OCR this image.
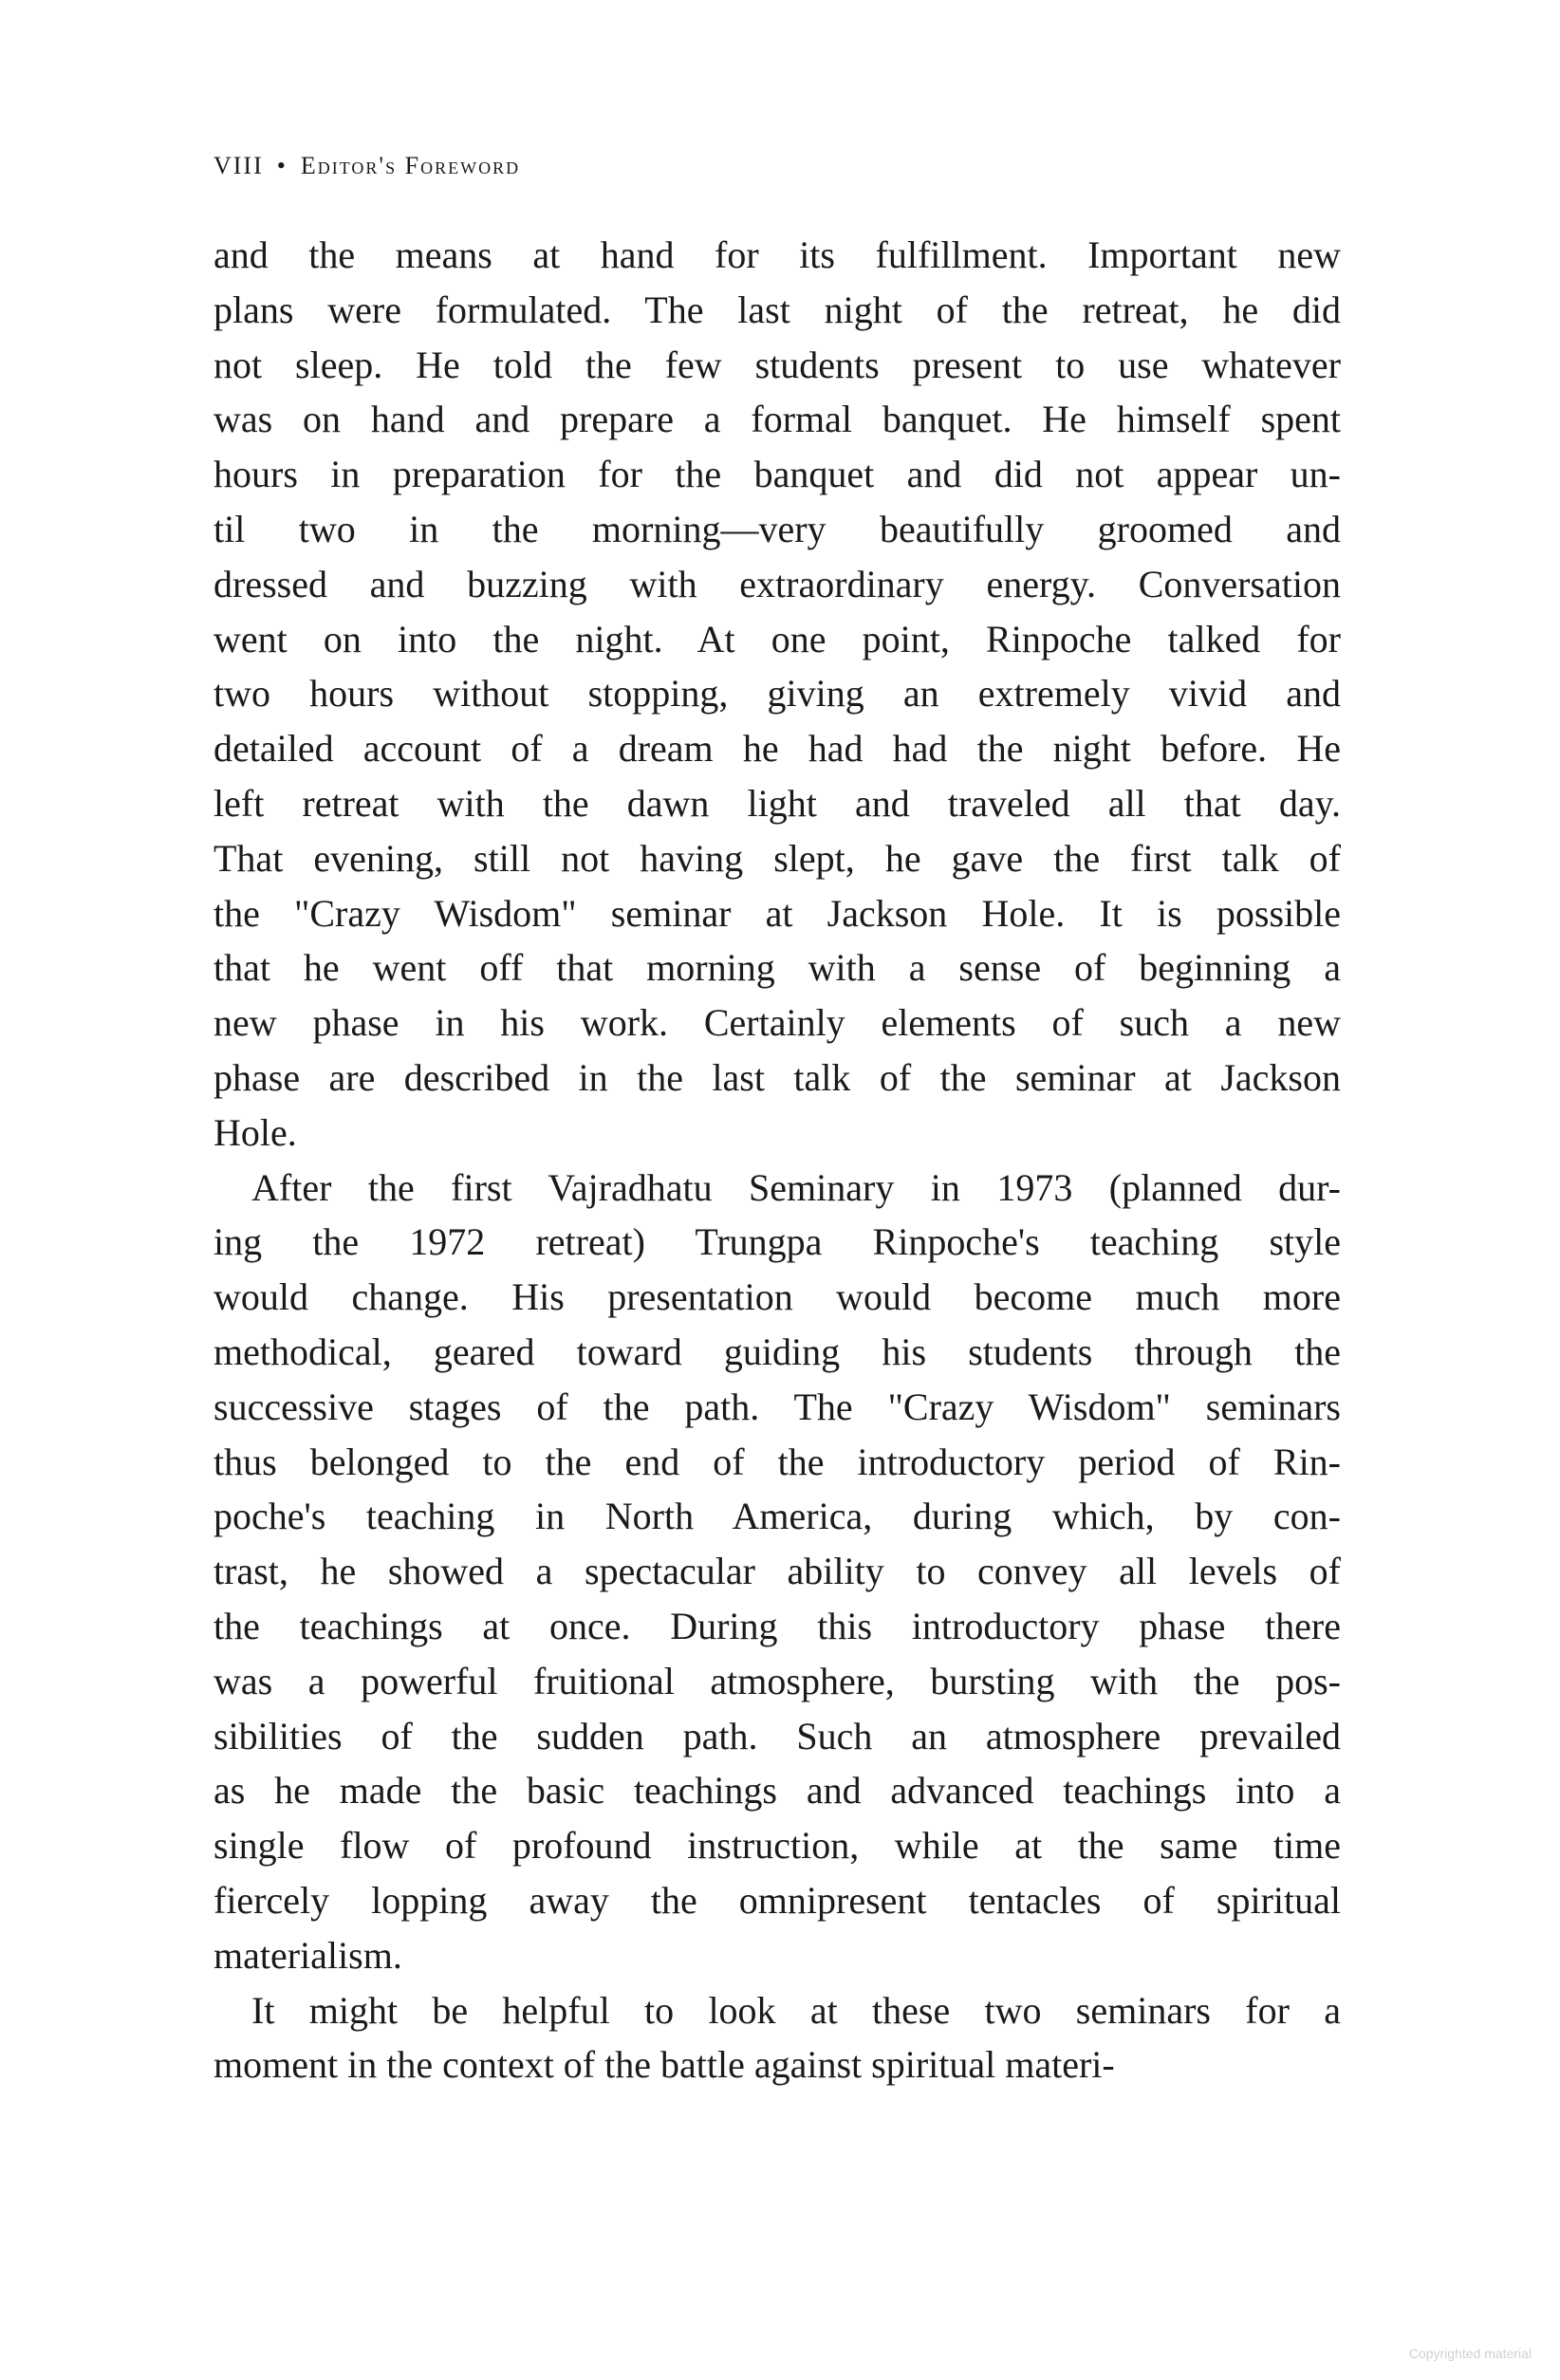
VIII • Editor's Foreword
and the means at hand for its fulfillment. Important new
plans were formulated. The last night of the retreat, he did
not sleep. He told the few students present to use whatever
was on hand and prepare a formal banquet. He himself spent
hours in preparation for the banquet and did not appear un-
til two in the morning—very beautifully groomed and
dressed and buzzing with extraordinary energy. Conversation
went on into the night. At one point, Rinpoche talked for
two hours without stopping, giving an extremely vivid and
detailed account of a dream he had had the night before. He
left retreat with the dawn light and traveled all that day.
That evening, still not having slept, he gave the first talk of
the "Crazy Wisdom" seminar at Jackson Hole. It is possible
that he went off that morning with a sense of beginning a
new phase in his work. Certainly elements of such a new
phase are described in the last talk of the seminar at Jackson
Hole.
After the first Vajradhatu Seminary in 1973 (planned dur-
ing the 1972 retreat) Trungpa Rinpoche's teaching style
would change. His presentation would become much more
methodical, geared toward guiding his students through the
successive stages of the path. The "Crazy Wisdom" seminars
thus belonged to the end of the introductory period of Rin-
poche's teaching in North America, during which, by con-
trast, he showed a spectacular ability to convey all levels of
the teachings at once. During this introductory phase there
was a powerful fruitional atmosphere, bursting with the pos-
sibilities of the sudden path. Such an atmosphere prevailed
as he made the basic teachings and advanced teachings into a
single flow of profound instruction, while at the same time
fiercely lopping away the omnipresent tentacles of spiritual
materialism.
It might be helpful to look at these two seminars for a
moment in the context of the battle against spiritual materi-
Copyrighted material
